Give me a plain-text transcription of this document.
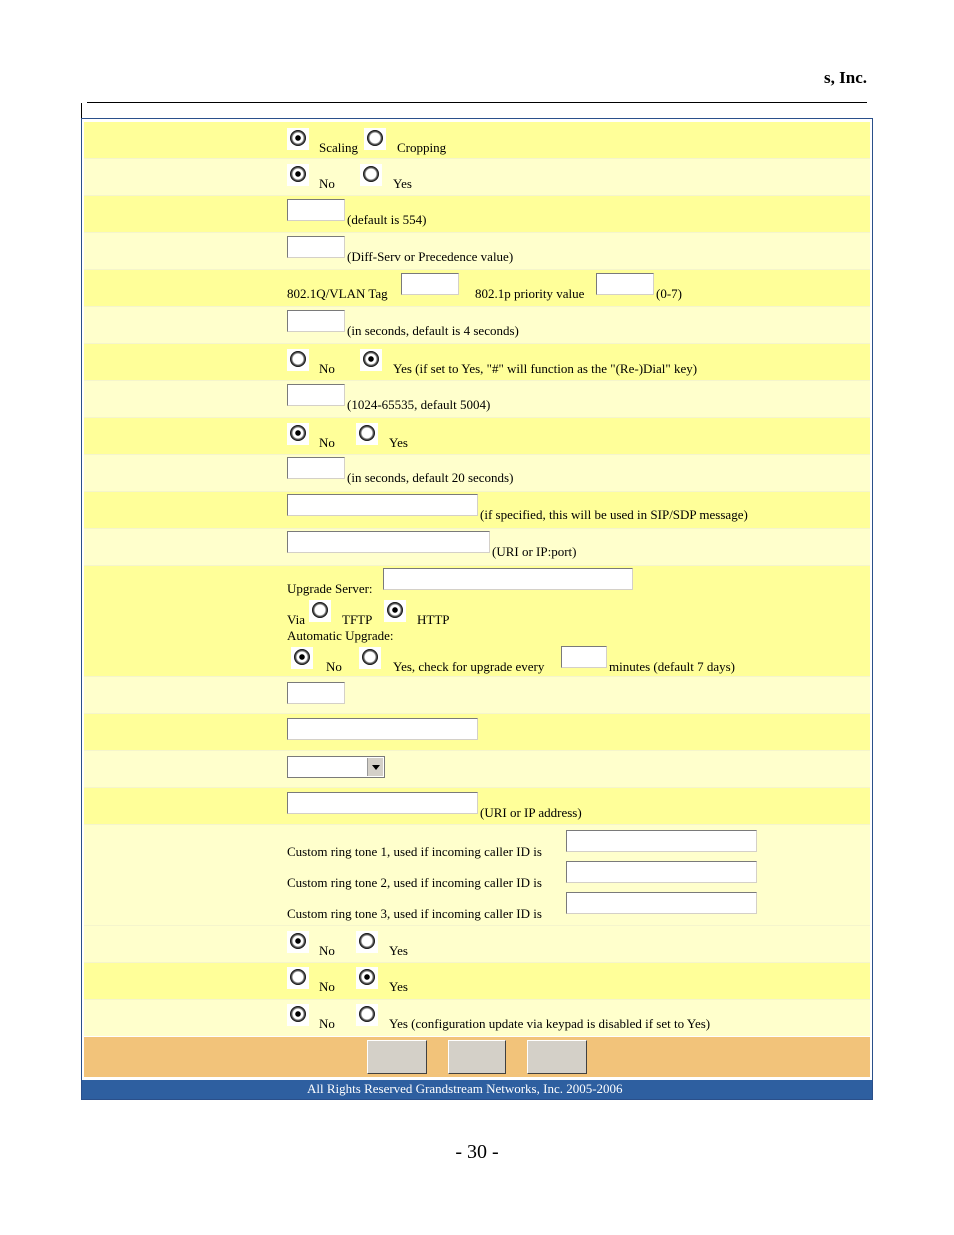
s, Inc.
Scaling	Cropping
No	Yes
(default is 554)
(Diff-Serv or Precedence value)
802.1Q/VLAN Tag	802.1p priority value	(0-7)
(in seconds, default is 4 seconds)
No	Yes (if set to Yes, "#" will function as the "(Re-)Dial" key)
(1024-65535, default 5004)
No	Yes
(in seconds, default 20 seconds)
(if specified, this will be used in SIP/SDP message)
(URI or IP:port)
Upgrade Server:
Via	TFTP	HTTP
Automatic Upgrade:
No	Yes, check for upgrade every	minutes (default 7 days)
(URI or IP address)
Custom ring tone 1, used if incoming caller ID is
Custom ring tone 2, used if incoming caller ID is
Custom ring tone 3, used if incoming caller ID is
No	Yes
No	Yes
No	Yes (configuration update via keypad is disabled if set to Yes)
All Rights Reserved Grandstream Networks, Inc. 2005-2006
- 30 -
